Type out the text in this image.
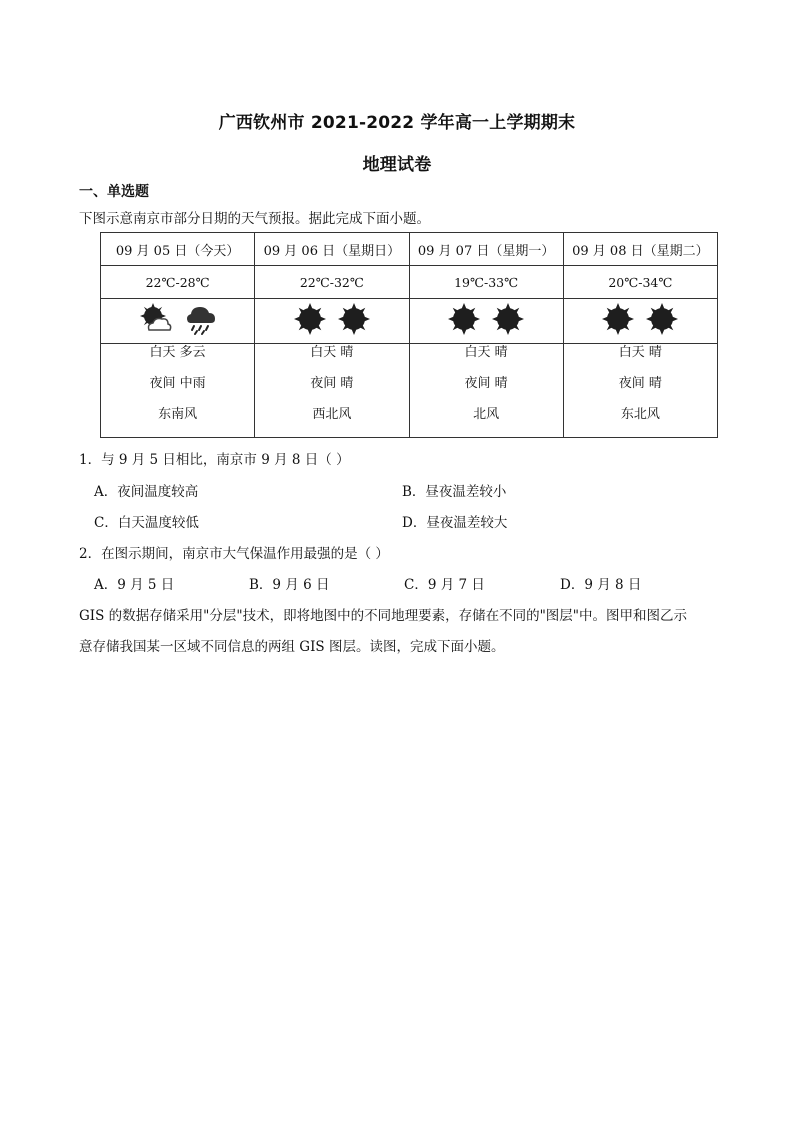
广西钦州市 2021-2022 学年高一上学期期末
地理试卷
一、单选题
下图示意南京市部分日期的天气预报。据此完成下面小题。
09 月 05 日（今天）	09 月 06 日（星期日）	09 月 07 日（星期一）	09 月 08 日（星期二）
22℃-28℃	22℃-32℃	19℃-33℃	20℃-34℃

白天 多云
夜间 中雨
东南风	白天 晴
夜间 晴
西北风	白天 晴
夜间 晴
北风	白天 晴
夜间 晴
东北风
1．与 9 月 5 日相比，南京市 9 月 8 日（ ）
A．夜间温度较高	B．昼夜温差较小
C．白天温度较低	D．昼夜温差较大
2．在图示期间，南京市大气保温作用最强的是（ ）
A．9 月 5 日	B．9 月 6 日	C．9 月 7 日	D．9 月 8 日
GIS 的数据存储采用"分层"技术，即将地图中的不同地理要素，存储在不同的"图层"中。图甲和图乙示
意存储我国某一区域不同信息的两组 GIS 图层。读图，完成下面小题。
